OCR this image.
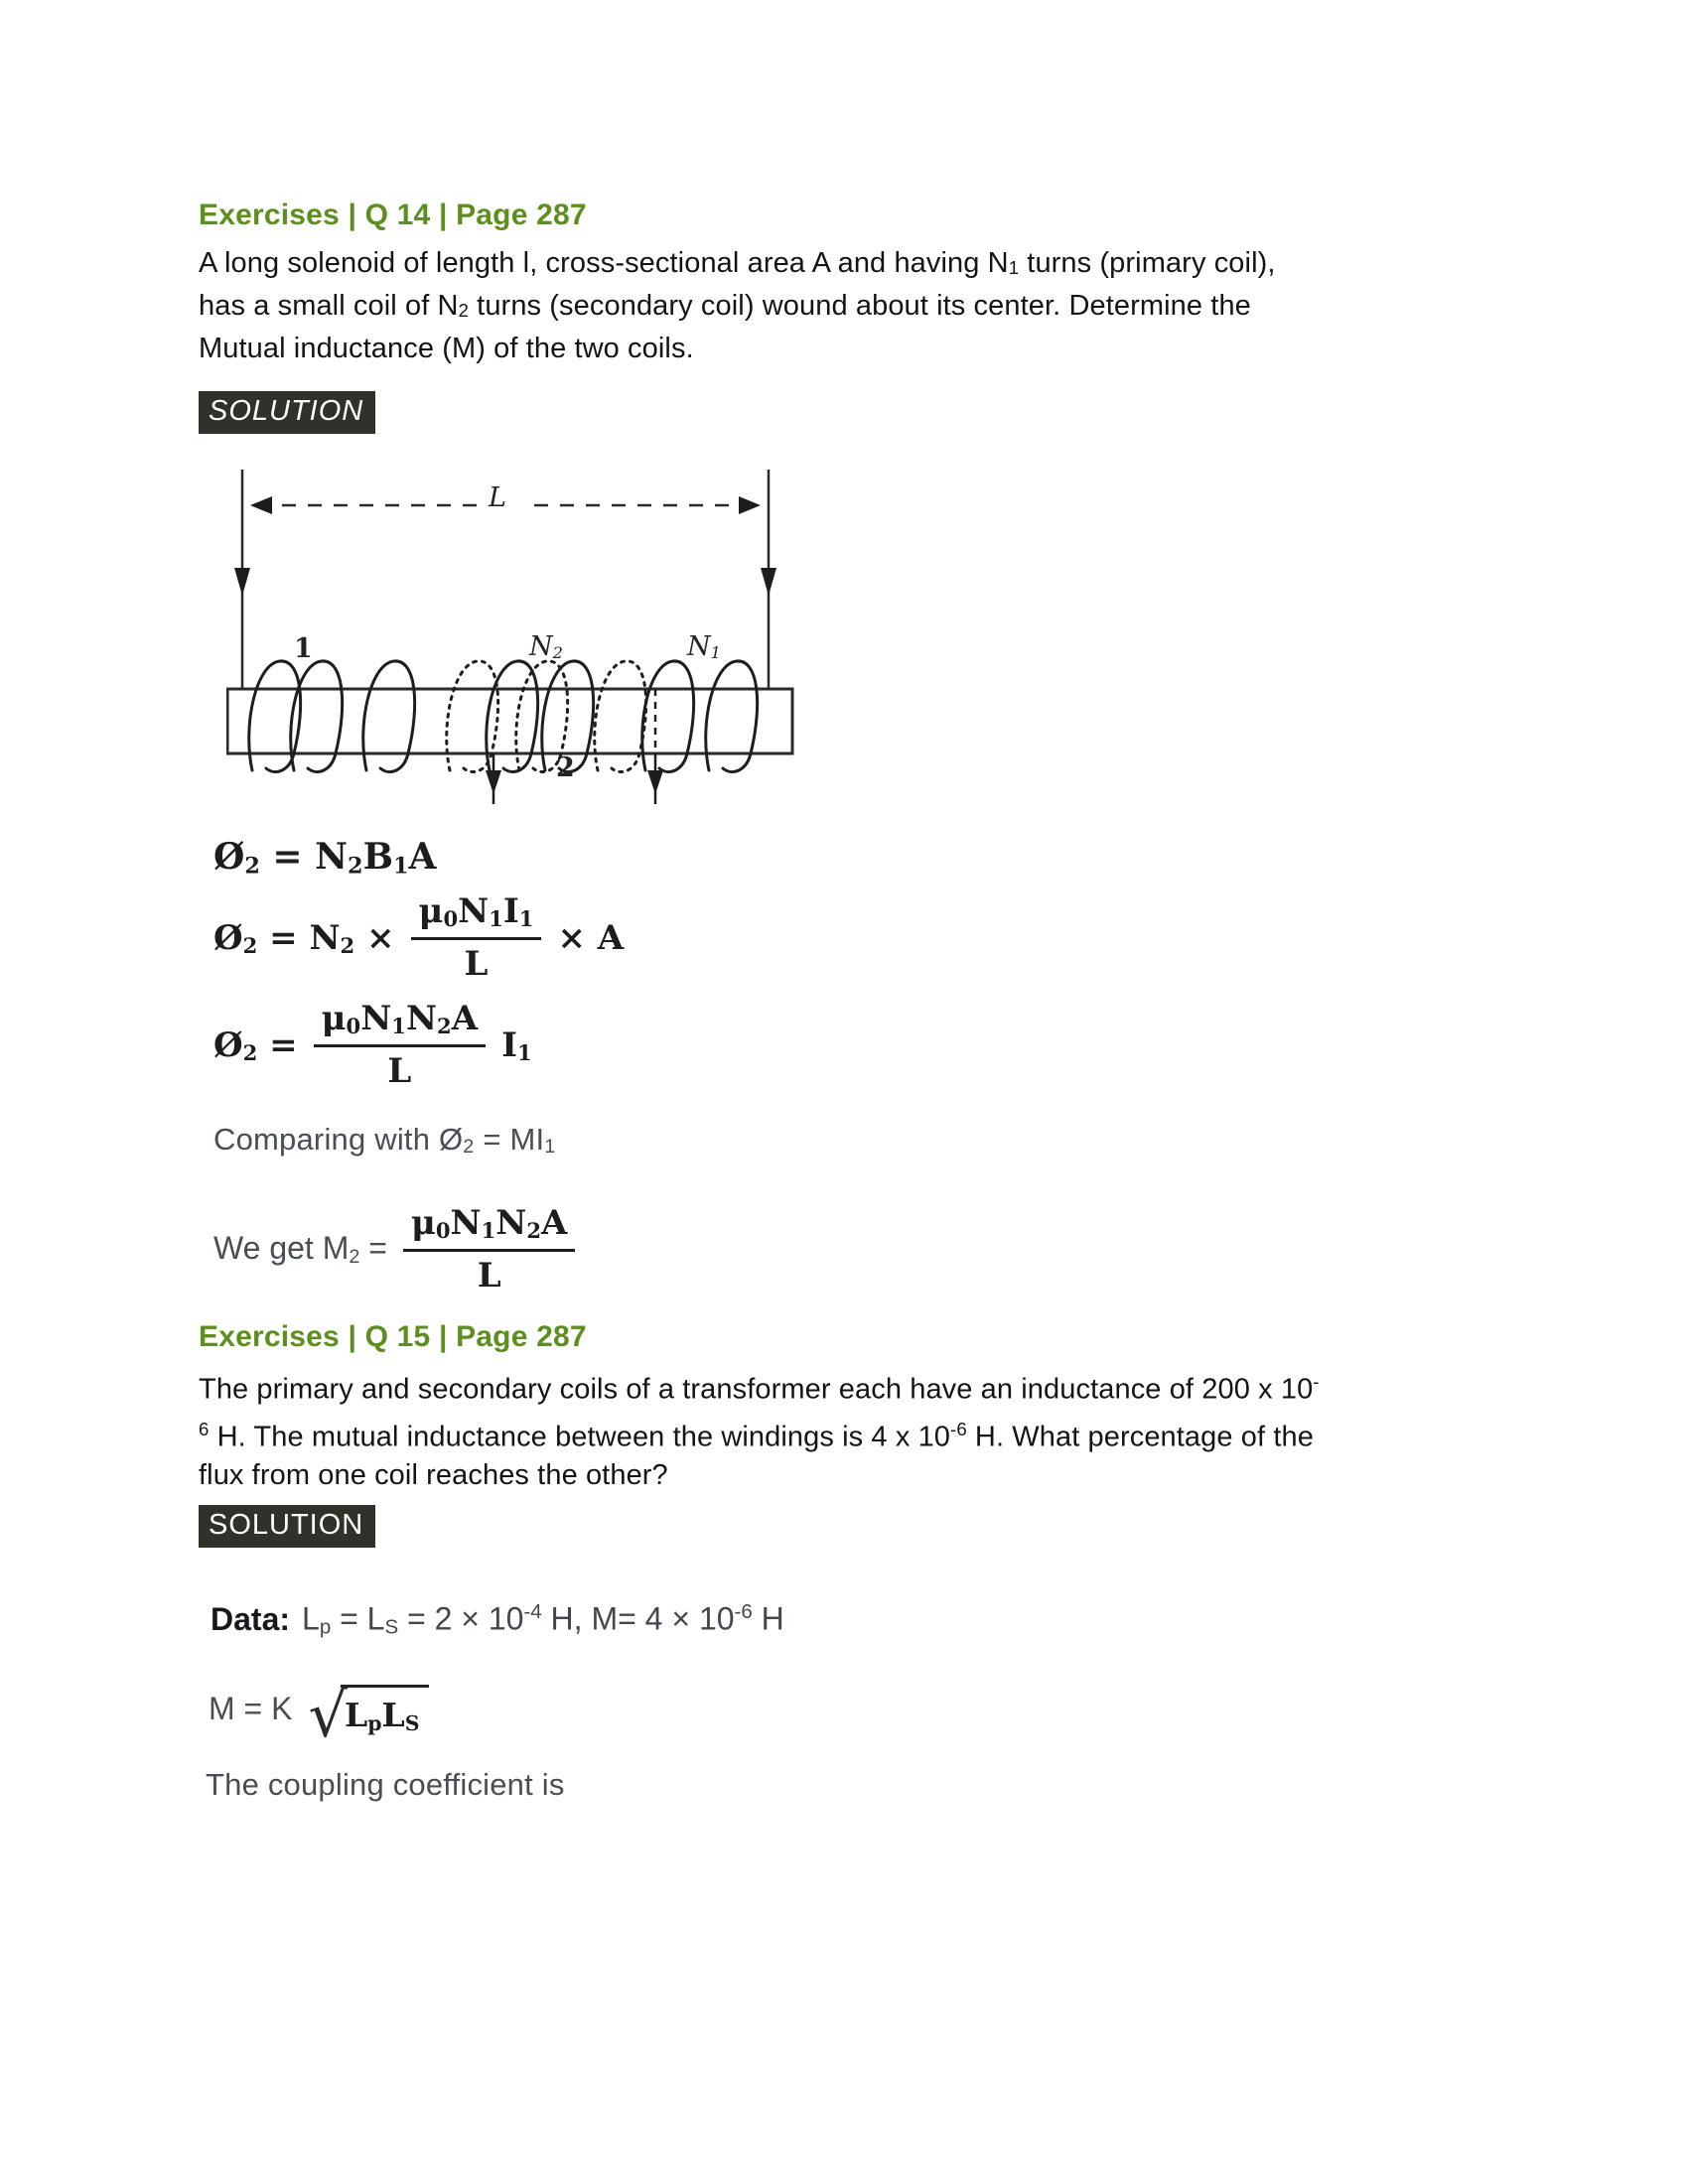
Exercises | Q 14 | Page 287
A long solenoid of length l, cross-sectional area A and having $N_1$ turns (primary coil),
has a small coil of $N_2$ turns (secondary coil) wound about its center. Determine the
Mutual inductance (M) of the two coils.
SOLUTION
L
1	$N_2$	$N_1$
2
$Ø_2 = N_2B_1A$
$Ø_2 = N_2 \times \frac{\mu_0N_1I_1}{L} \times A$
$Ø_2 = \frac{\mu_0N_1N_2A}{L} I_1$
Comparing with $Ø_2 = MI_1$
We get $M_2 = \frac{\mu_0N_1N_2A}{L}$
Exercises | Q 15 | Page 287
The primary and secondary coils of a transformer each have an inductance of 200 x 10-
$^6$ H. The mutual inductance between the windings is 4 x $10^{-6}$ H. What percentage of the
flux from one coil reaches the other?
SOLUTION
Data: $L_p = L_S = 2 \times 10^{-4}$ H, $M= 4 \times 10^{-6}$ H
M = K √
$L_pL_S$
The coupling coefficient is
